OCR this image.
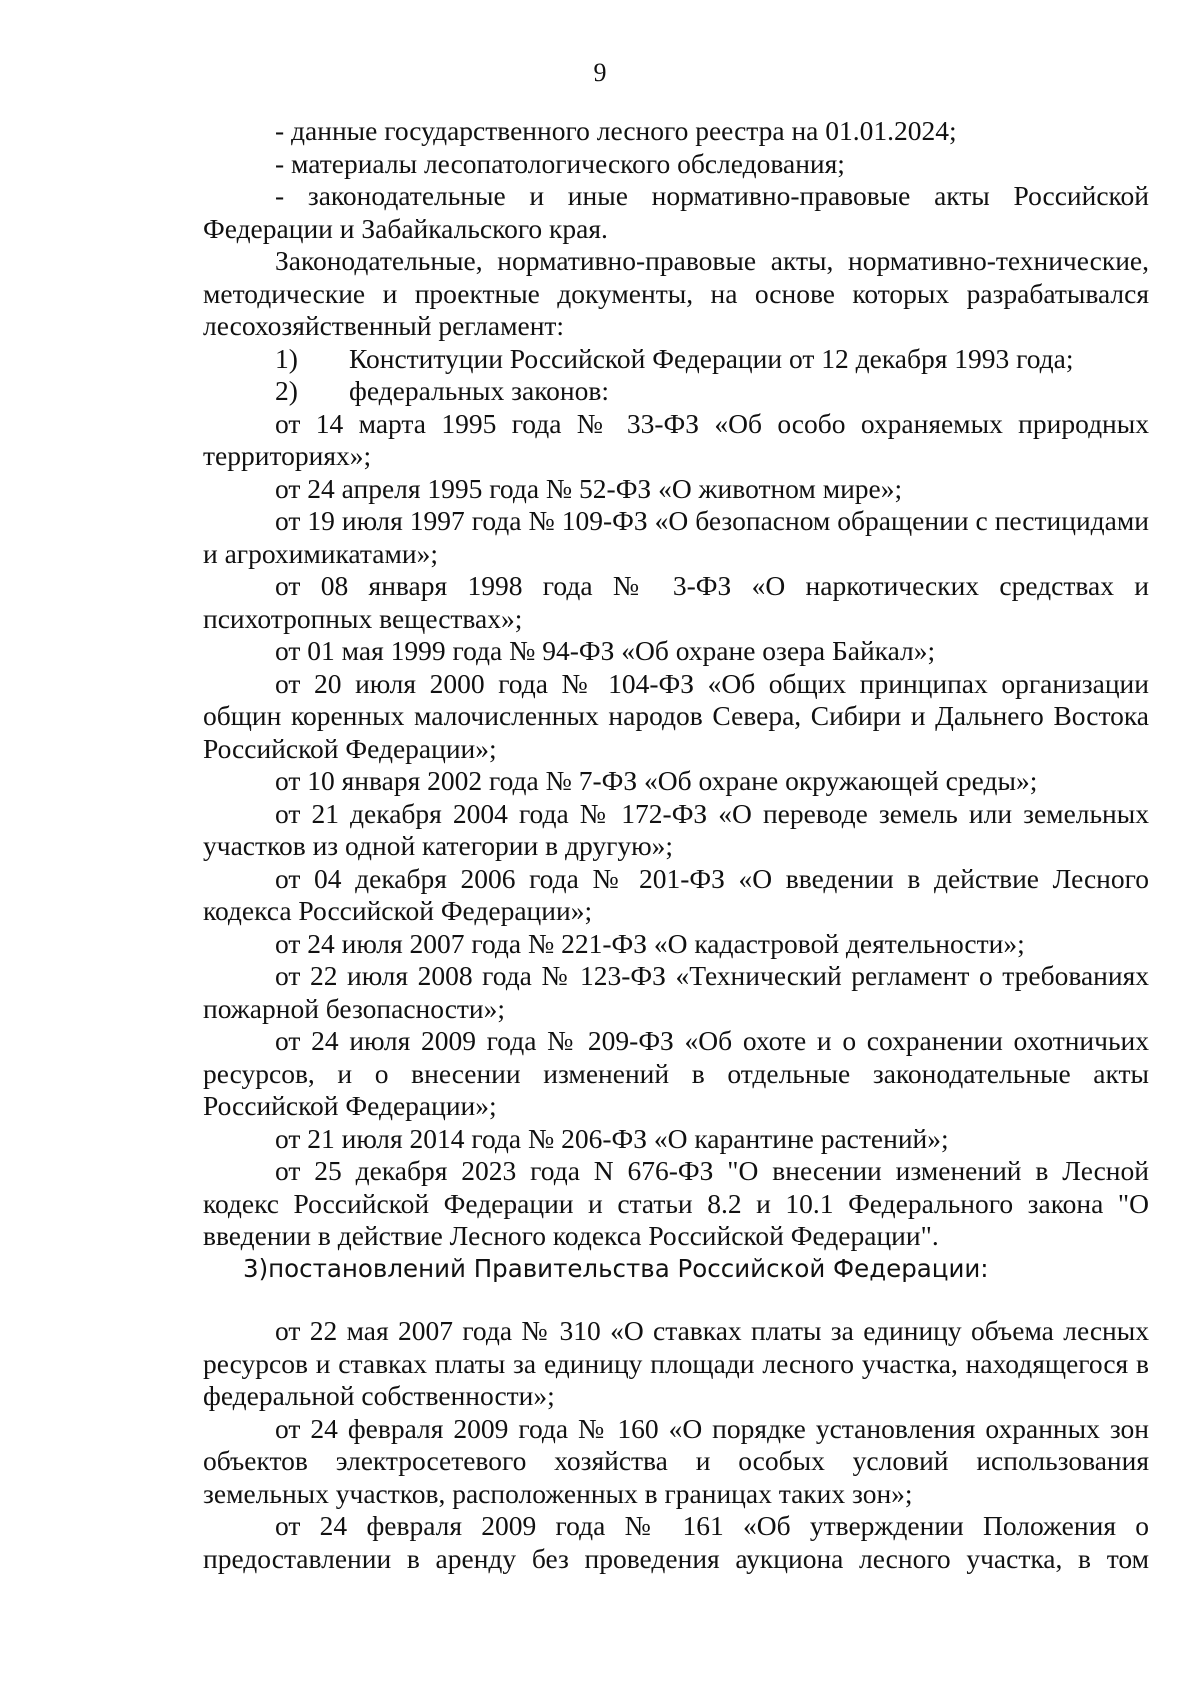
9

- данные государственного лесного реестра на 01.01.2024;

- материалы лесопатологического обследования;

- законодательные и иные нормативно-правовые акты Российской Федерации и Забайкальского края.

Законодательные, нормативно-правовые акты, нормативно-технические, методические и проектные документы, на основе которых разрабатывался лесохозяйственный регламент:

1) Конституции Российской Федерации от 12 декабря 1993 года;

2) федеральных законов:

от 14 марта 1995 года № 33-ФЗ «Об особо охраняемых природных территориях»;

от 24 апреля 1995 года № 52-ФЗ «О животном мире»;

от 19 июля 1997 года № 109-ФЗ «О безопасном обращении с пестицидами и агрохимикатами»;

от 08 января 1998 года № 3-ФЗ «О наркотических средствах и психотропных веществах»;

от 01 мая 1999 года № 94-ФЗ «Об охране озера Байкал»;

от 20 июля 2000 года № 104-ФЗ «Об общих принципах организации общин коренных малочисленных народов Севера, Сибири и Дальнего Востока Российской Федерации»;

от 10 января 2002 года № 7-ФЗ «Об охране окружающей среды»;

от 21 декабря 2004 года № 172-ФЗ «О переводе земель или земельных участков из одной категории в другую»;

от 04 декабря 2006 года № 201-ФЗ «О введении в действие Лесного кодекса Российской Федерации»;

от 24 июля 2007 года № 221-ФЗ «О кадастровой деятельности»;

от 22 июля 2008 года № 123-ФЗ «Технический регламент о требованиях пожарной безопасности»;

от 24 июля 2009 года № 209-ФЗ «Об охоте и о сохранении охотничьих ресурсов, и о внесении изменений в отдельные законодательные акты Российской Федерации»;

от 21 июля 2014 года № 206-ФЗ «О карантине растений»;

от 25 декабря 2023 года N 676-ФЗ "О внесении изменений в Лесной кодекс Российской Федерации и статьи 8.2 и 10.1 Федерального закона "О введении в действие Лесного кодекса Российской Федерации".

3)постановлений Правительства Российской Федерации:

от 22 мая 2007 года № 310 «О ставках платы за единицу объема лесных ресурсов и ставках платы за единицу площади лесного участка, находящегося в федеральной собственности»;

от 24 февраля 2009 года № 160 «О порядке установления охранных зон объектов электросетевого хозяйства и особых условий использования земельных участков, расположенных в границах таких зон»;

от 24 февраля 2009 года № 161 «Об утверждении Положения о предоставлении в аренду без проведения аукциона лесного участка, в том
